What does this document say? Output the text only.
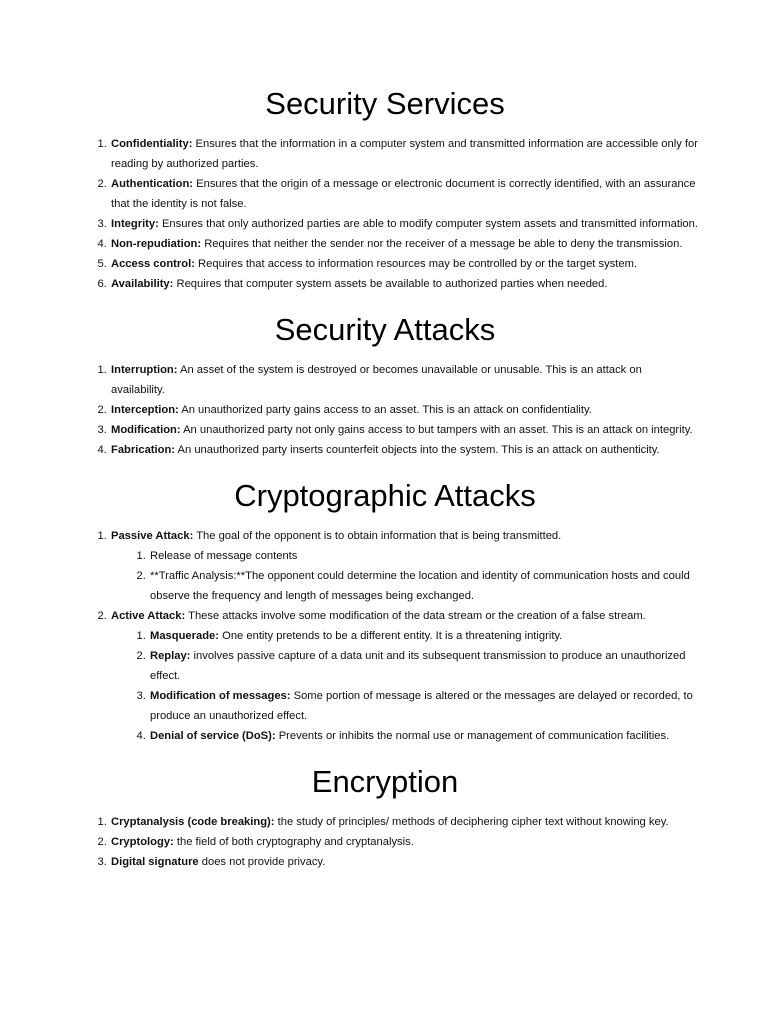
Security Services
1. Confidentiality: Ensures that the information in a computer system and transmitted information are accessible only for reading by authorized parties.
2. Authentication: Ensures that the origin of a message or electronic document is correctly identified, with an assurance that the identity is not false.
3. Integrity: Ensures that only authorized parties are able to modify computer system assets and transmitted information.
4. Non-repudiation: Requires that neither the sender nor the receiver of a message be able to deny the transmission.
5. Access control: Requires that access to information resources may be controlled by or the target system.
6. Availability: Requires that computer system assets be available to authorized parties when needed.
Security Attacks
1. Interruption: An asset of the system is destroyed or becomes unavailable or unusable. This is an attack on availability.
2. Interception: An unauthorized party gains access to an asset. This is an attack on confidentiality.
3. Modification: An unauthorized party not only gains access to but tampers with an asset. This is an attack on integrity.
4. Fabrication: An unauthorized party inserts counterfeit objects into the system. This is an attack on authenticity.
Cryptographic Attacks
1. Passive Attack: The goal of the opponent is to obtain information that is being transmitted.
1. Release of message contents
2. **Traffic Analysis:**The opponent could determine the location and identity of communication hosts and could observe the frequency and length of messages being exchanged.
2. Active Attack: These attacks involve some modification of the data stream or the creation of a false stream.
1. Masquerade: One entity pretends to be a different entity. It is a threatening intigrity.
2. Replay: involves passive capture of a data unit and its subsequent transmission to produce an unauthorized effect.
3. Modification of messages: Some portion of message is altered or the messages are delayed or recorded, to produce an unauthorized effect.
4. Denial of service (DoS): Prevents or inhibits the normal use or management of communication facilities.
Encryption
1. Cryptanalysis (code breaking): the study of principles/ methods of deciphering cipher text without knowing key.
2. Cryptology: the field of both cryptography and cryptanalysis.
3. Digital signature does not provide privacy.
